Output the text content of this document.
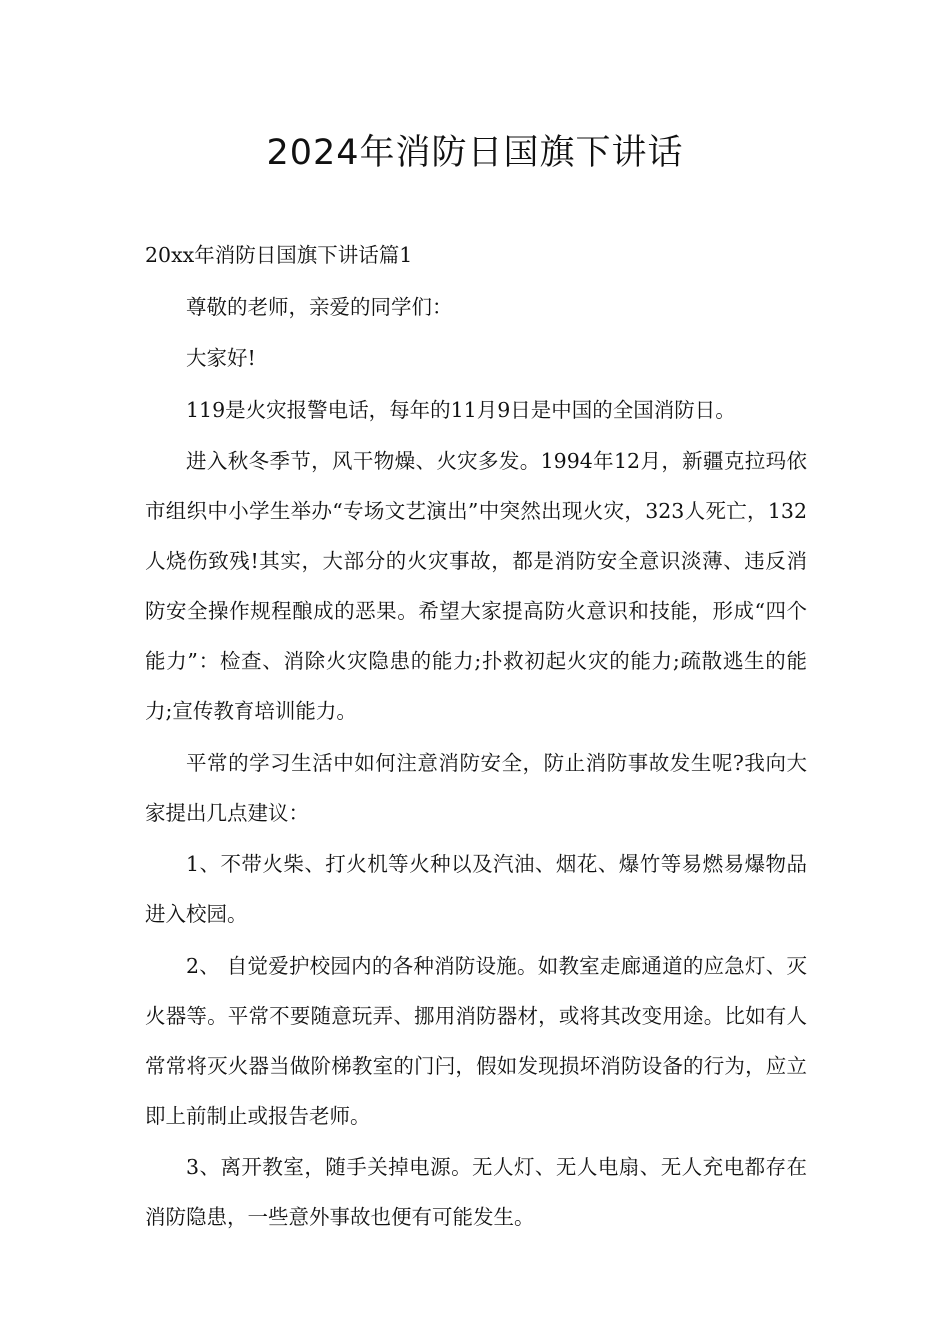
2024年消防日国旗下讲话

20xx年消防日国旗下讲话篇1

尊敬的老师，亲爱的同学们：

大家好!

119是火灾报警电话，每年的11月9日是中国的全国消防日。

进入秋冬季节，风干物燥、火灾多发。1994年12月，新疆克拉玛依市组织中小学生举办“专场文艺演出”中突然出现火灾，323人死亡，132人烧伤致残!其实，大部分的火灾事故，都是消防安全意识淡薄、违反消防安全操作规程酿成的恶果。希望大家提高防火意识和技能，形成“四个能力”：检查、消除火灾隐患的能力;扑救初起火灾的能力;疏散逃生的能力;宣传教育培训能力。

平常的学习生活中如何注意消防安全，防止消防事故发生呢?我向大家提出几点建议：

1、不带火柴、打火机等火种以及汽油、烟花、爆竹等易燃易爆物品进入校园。

2、 自觉爱护校园内的各种消防设施。如教室走廊通道的应急灯、灭火器等。平常不要随意玩弄、挪用消防器材，或将其改变用途。比如有人常常将灭火器当做阶梯教室的门闩，假如发现损坏消防设备的行为，应立即上前制止或报告老师。

3、离开教室，随手关掉电源。无人灯、无人电扇、无人充电都存在消防隐患，一些意外事故也便有可能发生。
